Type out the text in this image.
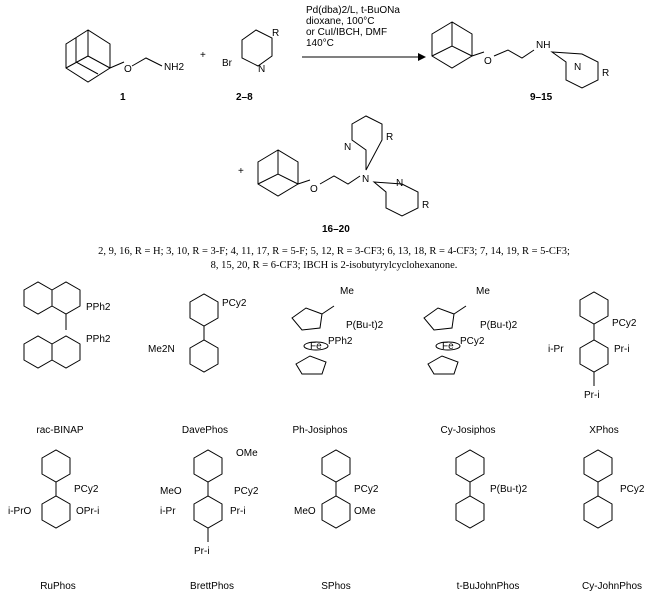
O	NH2
1
+
R
Br
N
2–8
Pd(dba)2/L, t-BuONa
dioxane, 100°C
or CuI/IBCH, DMF
140°C
O
NH
N
R
9–15
+
O
N
N
R
N
R
16–20
2, 9, 16, R = H; 3, 10, R = 3-F; 4, 11, 17, R = 5-F; 5, 12, R = 3-CF3; 6, 13, 18, R = 4-CF3; 7, 14, 19, R = 5-CF3;
8, 15, 20, R = 6-CF3; IBCH is 2-isobutyrylcyclohexanone.
PPh2
PPh2
rac-BINAP
PCy2
Me2N
DavePhos
Me
P(Bu-t)2
PPh2
Fe
Ph-Josiphos
Me
P(Bu-t)2
PCy2
Fe
Cy-Josiphos
PCy2
i-Pr	Pr-i
Pr-i
XPhos
PCy2
i-PrO	OPr-i
RuPhos
OMe
MeO	PCy2
i-Pr	Pr-i
Pr-i
BrettPhos
PCy2
MeO	OMe
SPhos
P(Bu-t)2
t-BuJohnPhos
PCy2
Cy-JohnPhos
